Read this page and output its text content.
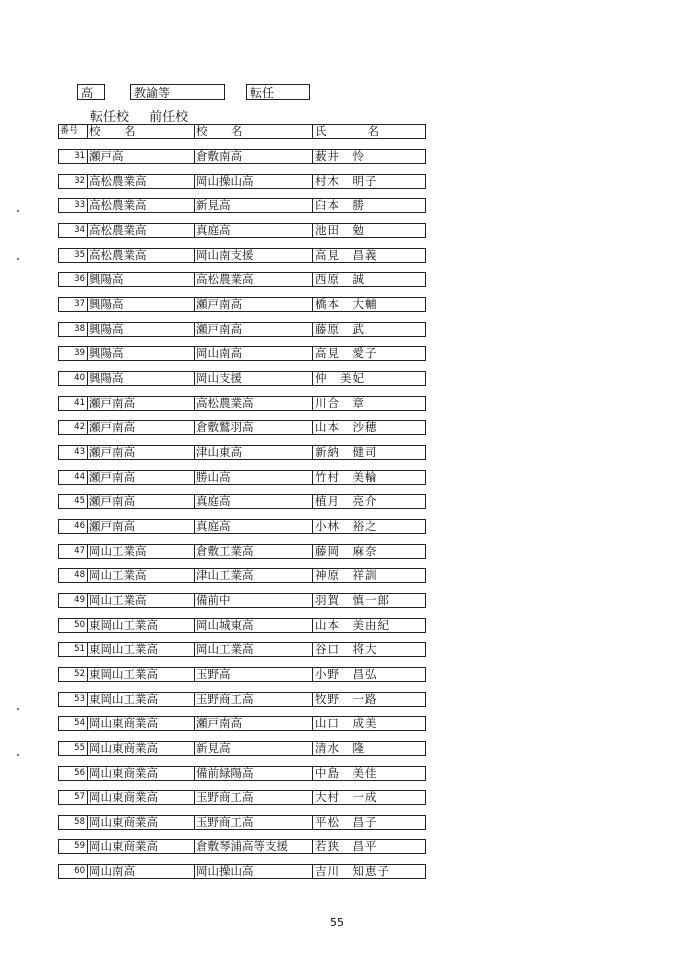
高	教諭等	転任
転任校 前任校
番号 校　名	校　名	氏　　名
31 瀬戸高	倉敷南高	薮井　怜
32 高松農業高	岡山操山高	村木　明子
33 高松農業高	新見高	臼本　勝
34 高松農業高	真庭高	池田　勉
35 高松農業高	岡山南支援	高見　昌義
36 興陽高	高松農業高	西原　誠
37 興陽高	瀬戸南高	橋本　大輔
38 興陽高	瀬戸南高	藤原　武
39 興陽高	岡山南高	高見　愛子
40 興陽高	岡山支援	仲　美妃
41 瀬戸南高	高松農業高	川合　章
42 瀬戸南高	倉敷鷲羽高	山本　沙穂
43 瀬戸南高	津山東高	新納　健司
44 瀬戸南高	勝山高	竹村　美輪
45 瀬戸南高	真庭高	植月　亮介
46 瀬戸南高	真庭高	小林　裕之
47 岡山工業高	倉敷工業高	藤岡　麻奈
48 岡山工業高	津山工業高	神原　祥訓
49 岡山工業高	備前中	羽賀　慎一郎
50 東岡山工業高	岡山城東高	山本　美由紀
51 東岡山工業高	岡山工業高	谷口　将大
52 東岡山工業高	玉野高	小野　昌弘
53 東岡山工業高	玉野商工高	牧野　一路
54 岡山東商業高	瀬戸南高	山口　成美
55 岡山東商業高	新見高	清水　隆
56 岡山東商業高	備前緑陽高	中島　美佳
57 岡山東商業高	玉野商工高	大村　一成
58 岡山東商業高	玉野商工高	平松　昌子
59 岡山東商業高	倉敷琴浦高等支援	若狭　昌平
60 岡山南高	岡山操山高	吉川　知恵子
55
